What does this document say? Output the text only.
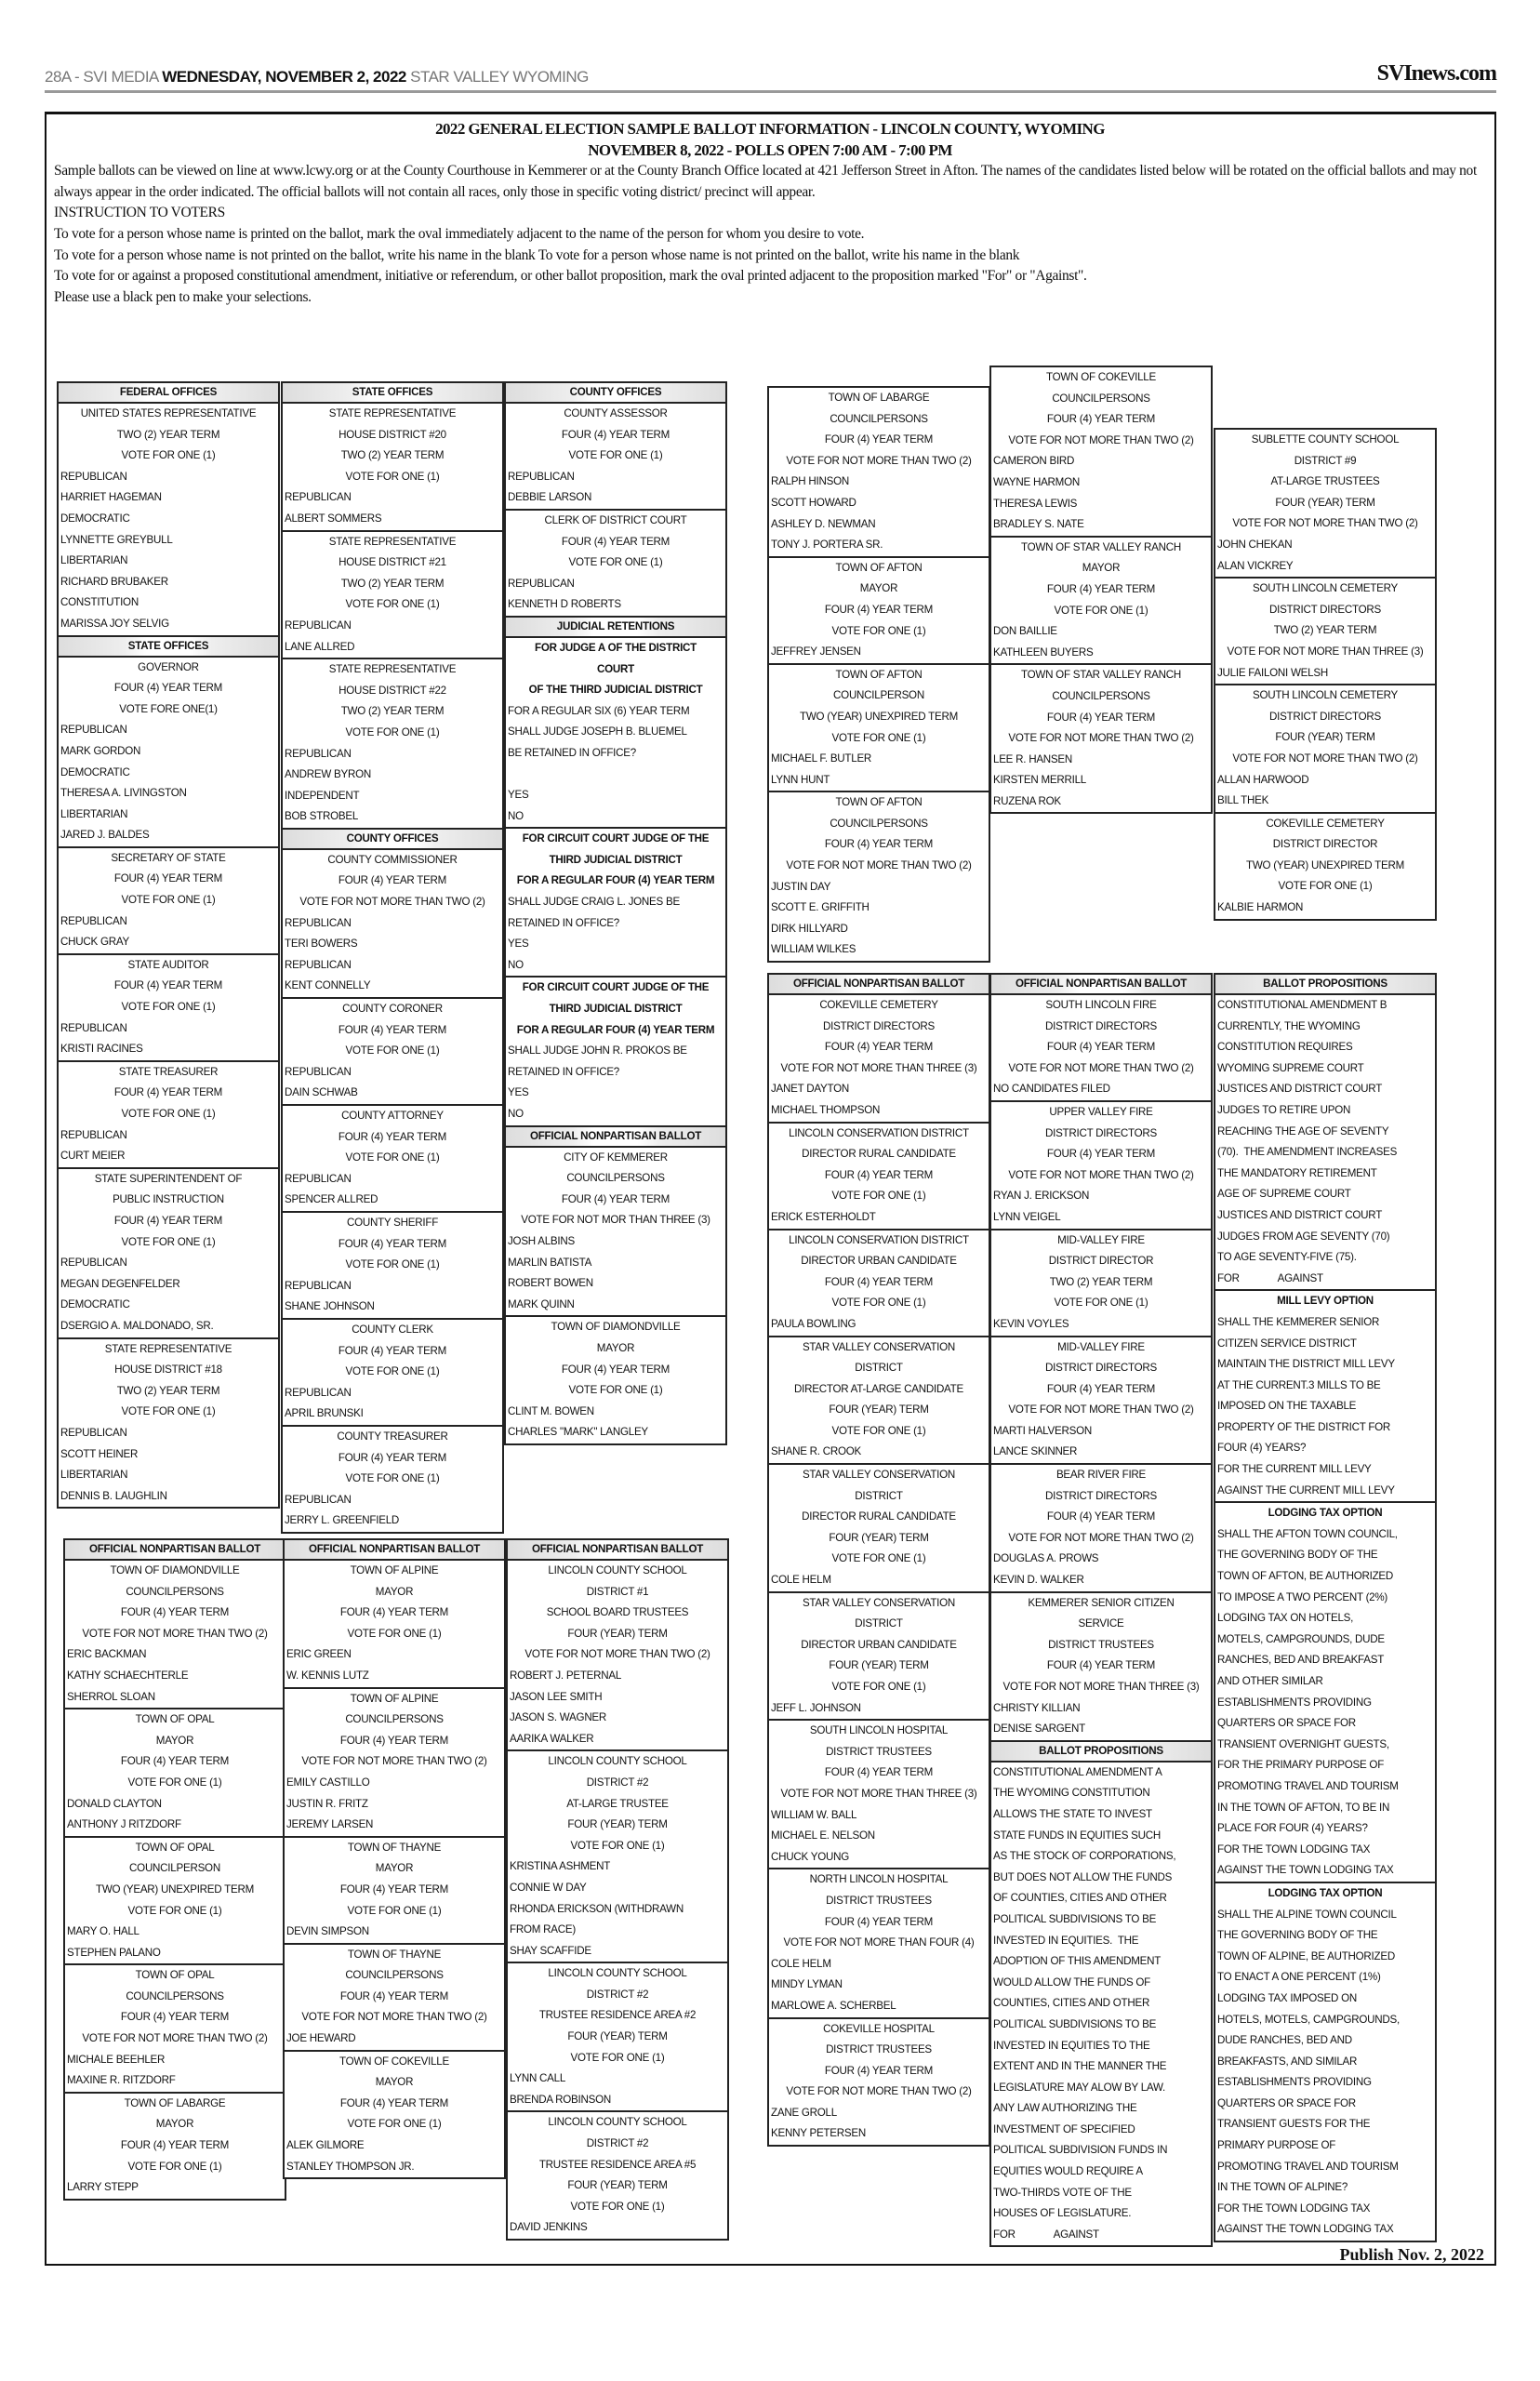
28A - SVI MEDIA WEDNESDAY, NOVEMBER 2, 2022 STAR VALLEY WYOMING	SVInews.com
2022 GENERAL ELECTION SAMPLE BALLOT INFORMATION - LINCOLN COUNTY, WYOMING
NOVEMBER 8, 2022 - POLLS OPEN 7:00 AM - 7:00 PM
Sample ballots can be viewed on line at www.lcwy.org or at the County Courthouse in Kemmerer or at the County Branch Office located at 421 Jefferson Street in Afton. The names of the candidates listed below will be rotated on the official ballots and may not always appear in the order indicated. The official ballots will not contain all races, only those in specific voting district/ precinct will appear.
INSTRUCTION TO VOTERS
To vote for a person whose name is printed on the ballot, mark the oval immediately adjacent to the name of the person for whom you desire to vote.
To vote for a person whose name is not printed on the ballot, write his name in the blank To vote for a person whose name is not printed on the ballot, write his name in the blank
To vote for or against a proposed constitutional amendment, initiative or referendum, or other ballot proposition, mark the oval printed adjacent to the proposition marked "For" or "Against".
Please use a black pen to make your selections.
FEDERAL OFFICES
UNITED STATES REPRESENTATIVE
TWO (2) YEAR TERM
VOTE FOR ONE (1)
REPUBLICAN
HARRIET HAGEMAN
DEMOCRATIC
LYNNETTE GREYBULL
LIBERTARIAN
RICHARD BRUBAKER
CONSTITUTION
MARISSA JOY SELVIG
STATE OFFICES
GOVERNOR
FOUR (4) YEAR TERM
VOTE FORE ONE(1)
REPUBLICAN
MARK GORDON
DEMOCRATIC
THERESA A. LIVINGSTON
LIBERTARIAN
JARED J. BALDES
SECRETARY OF STATE
FOUR (4) YEAR TERM
VOTE FOR ONE (1)
REPUBLICAN
CHUCK GRAY
STATE AUDITOR
FOUR (4) YEAR TERM
VOTE FOR ONE (1)
REPUBLICAN
KRISTI RACINES
STATE TREASURER
FOUR (4) YEAR TERM
VOTE FOR ONE (1)
REPUBLICAN
CURT MEIER
STATE SUPERINTENDENT OF
PUBLIC INSTRUCTION
FOUR (4) YEAR TERM
VOTE FOR ONE (1)
REPUBLICAN
MEGAN DEGENFELDER
DEMOCRATIC
DSERGIO A. MALDONADO, SR.
STATE REPRESENTATIVE
HOUSE DISTRICT #18
TWO (2) YEAR TERM
VOTE FOR ONE (1)
REPUBLICAN
SCOTT HEINER
LIBERTARIAN
DENNIS B. LAUGHLIN
STATE OFFICES
STATE REPRESENTATIVE
HOUSE DISTRICT #20
TWO (2) YEAR TERM
VOTE FOR ONE (1)
REPUBLICAN
ALBERT SOMMERS
STATE REPRESENTATIVE
HOUSE DISTRICT #21
TWO (2) YEAR TERM
VOTE FOR ONE (1)
REPUBLICAN
LANE ALLRED
STATE REPRESENTATIVE
HOUSE DISTRICT #22
TWO (2) YEAR TERM
VOTE FOR ONE (1)
REPUBLICAN
ANDREW BYRON
INDEPENDENT
BOB STROBEL
COUNTY OFFICES
COUNTY COMMISSIONER
FOUR (4) YEAR TERM
VOTE FOR NOT MORE THAN TWO (2)
REPUBLICAN
TERI BOWERS
REPUBLICAN
KENT CONNELLY
COUNTY CORONER
FOUR (4) YEAR TERM
VOTE FOR ONE (1)
REPUBLICAN
DAIN SCHWAB
COUNTY ATTORNEY
FOUR (4) YEAR TERM
VOTE FOR ONE (1)
REPUBLICAN
SPENCER ALLRED
COUNTY SHERIFF
FOUR (4) YEAR TERM
VOTE FOR ONE (1)
REPUBLICAN
SHANE JOHNSON
COUNTY CLERK
FOUR (4) YEAR TERM
VOTE FOR ONE (1)
REPUBLICAN
APRIL BRUNSKI
COUNTY TREASURER
FOUR (4) YEAR TERM
VOTE FOR ONE (1)
REPUBLICAN
JERRY L. GREENFIELD
COUNTY OFFICES
COUNTY ASSESSOR
FOUR (4) YEAR TERM
VOTE FOR ONE (1)
REPUBLICAN
DEBBIE LARSON
CLERK OF DISTRICT COURT
FOUR (4) YEAR TERM
VOTE FOR ONE (1)
REPUBLICAN
KENNETH D ROBERTS
JUDICIAL RETENTIONS
FOR JUDGE A OF THE DISTRICT
COURT
OF THE THIRD JUDICIAL DISTRICT
FOR A REGULAR SIX (6) YEAR TERM
SHALL JUDGE JOSEPH B. BLUEMEL
BE RETAINED IN OFFICE?

YES
NO
FOR CIRCUIT COURT JUDGE OF THE
THIRD JUDICIAL DISTRICT
FOR A REGULAR FOUR (4) YEAR TERM
SHALL JUDGE CRAIG L. JONES BE
RETAINED IN OFFICE?
YES
NO
FOR CIRCUIT COURT JUDGE OF THE
THIRD JUDICIAL DISTRICT
FOR A REGULAR FOUR (4) YEAR TERM
SHALL JUDGE JOHN R. PROKOS BE
RETAINED IN OFFICE?
YES
NO
OFFICIAL NONPARTISAN BALLOT
CITY OF KEMMERER
COUNCILPERSONS
FOUR (4) YEAR TERM
VOTE FOR NOT MOR THAN THREE (3)
JOSH ALBINS
MARLIN BATISTA
ROBERT BOWEN
MARK QUINN
TOWN OF DIAMONDVILLE
MAYOR
FOUR (4) YEAR TERM
VOTE FOR ONE (1)
CLINT M. BOWEN
CHARLES "MARK" LANGLEY
OFFICIAL NONPARTISAN BALLOT
TOWN OF DIAMONDVILLE
COUNCILPERSONS
FOUR (4) YEAR TERM
VOTE FOR NOT MORE THAN TWO (2)
ERIC BACKMAN
KATHY SCHAECHTERLE
SHERROL SLOAN
TOWN OF OPAL
MAYOR
FOUR (4) YEAR TERM
VOTE FOR ONE (1)
DONALD CLAYTON
ANTHONY J RITZDORF
TOWN OF OPAL
COUNCILPERSON
TWO (YEAR) UNEXPIRED TERM
VOTE FOR ONE (1)
MARY O. HALL
STEPHEN PALANO
TOWN OF OPAL
COUNCILPERSONS
FOUR (4) YEAR TERM
VOTE FOR NOT MORE THAN TWO (2)
MICHALE BEEHLER
MAXINE R. RITZDORF
TOWN OF LABARGE
MAYOR
FOUR (4) YEAR TERM
VOTE FOR ONE (1)
LARRY STEPP
OFFICIAL NONPARTISAN BALLOT
TOWN OF ALPINE
MAYOR
FOUR (4) YEAR TERM
VOTE FOR ONE (1)
ERIC GREEN
W. KENNIS LUTZ
TOWN OF ALPINE
COUNCILPERSONS
FOUR (4) YEAR TERM
VOTE FOR NOT MORE THAN TWO (2)
EMILY CASTILLO
JUSTIN R. FRITZ
JEREMY LARSEN
TOWN OF THAYNE
MAYOR
FOUR (4) YEAR TERM
VOTE FOR ONE (1)
DEVIN SIMPSON
TOWN OF THAYNE
COUNCILPERSONS
FOUR (4) YEAR TERM
VOTE FOR NOT MORE THAN TWO (2)
JOE HEWARD
TOWN OF COKEVILLE
MAYOR
FOUR (4) YEAR TERM
VOTE FOR ONE (1)
ALEK GILMORE
STANLEY THOMPSON JR.
OFFICIAL NONPARTISAN BALLOT
LINCOLN COUNTY SCHOOL
DISTRICT #1
SCHOOL BOARD TRUSTEES
FOUR (YEAR) TERM
VOTE FOR NOT MORE THAN TWO (2)
ROBERT J. PETERNAL
JASON LEE SMITH
JASON S. WAGNER
AARIKA WALKER
LINCOLN COUNTY SCHOOL
DISTRICT #2
AT-LARGE TRUSTEE
FOUR (YEAR) TERM
VOTE FOR ONE (1)
KRISTINA ASHMENT
CONNIE W DAY
RHONDA ERICKSON (WITHDRAWN
FROM RACE)
SHAY SCAFFIDE
LINCOLN COUNTY SCHOOL
DISTRICT #2
TRUSTEE RESIDENCE AREA #2
FOUR (YEAR) TERM
VOTE FOR ONE (1)
LYNN CALL
BRENDA ROBINSON
LINCOLN COUNTY SCHOOL
DISTRICT #2
TRUSTEE RESIDENCE AREA #5
FOUR (YEAR) TERM
VOTE FOR ONE (1)
DAVID JENKINS
TOWN OF LABARGE
COUNCILPERSONS
FOUR (4) YEAR TERM
VOTE FOR NOT MORE THAN TWO (2)
RALPH HINSON
SCOTT HOWARD
ASHLEY D. NEWMAN
TONY J. PORTERA SR.
TOWN OF AFTON
MAYOR
FOUR (4) YEAR TERM
VOTE FOR ONE (1)
JEFFREY JENSEN
TOWN OF AFTON
COUNCILPERSON
TWO (YEAR) UNEXPIRED TERM
VOTE FOR ONE (1)
MICHAEL F. BUTLER
LYNN HUNT
TOWN OF AFTON
COUNCILPERSONS
FOUR (4) YEAR TERM
VOTE FOR NOT MORE THAN TWO (2)
JUSTIN DAY
SCOTT E. GRIFFITH
DIRK HILLYARD
WILLIAM WILKES
TOWN OF COKEVILLE
COUNCILPERSONS
FOUR (4) YEAR TERM
VOTE FOR NOT MORE THAN TWO (2)
CAMERON BIRD
WAYNE HARMON
THERESA LEWIS
BRADLEY S. NATE
TOWN OF STAR VALLEY RANCH
MAYOR
FOUR (4) YEAR TERM
VOTE FOR ONE (1)
DON BAILLIE
KATHLEEN BUYERS
TOWN OF STAR VALLEY RANCH
COUNCILPERSONS
FOUR (4) YEAR TERM
VOTE FOR NOT MORE THAN TWO (2)
LEE R. HANSEN
KIRSTEN MERRILL
RUZENA ROK
SUBLETTE COUNTY SCHOOL
DISTRICT #9
AT-LARGE TRUSTEES
FOUR (YEAR) TERM
VOTE FOR NOT MORE THAN TWO (2)
JOHN CHEKAN
ALAN VICKREY
SOUTH LINCOLN CEMETERY
DISTRICT DIRECTORS
TWO (2) YEAR TERM
VOTE FOR NOT MORE THAN THREE (3)
JULIE FAILONI WELSH
SOUTH LINCOLN CEMETERY
DISTRICT DIRECTORS
FOUR (YEAR) TERM
VOTE FOR NOT MORE THAN TWO (2)
ALLAN HARWOOD
BILL THEK
COKEVILLE CEMETERY
DISTRICT DIRECTOR
TWO (YEAR) UNEXPIRED TERM
VOTE FOR ONE (1)
KALBIE HARMON
OFFICIAL NONPARTISAN BALLOT
COKEVILLE CEMETERY
DISTRICT DIRECTORS
FOUR (4) YEAR TERM
VOTE FOR NOT MORE THAN THREE (3)
JANET DAYTON
MICHAEL THOMPSON
LINCOLN CONSERVATION DISTRICT
DIRECTOR RURAL CANDIDATE
FOUR (4) YEAR TERM
VOTE FOR ONE (1)
ERICK ESTERHOLDT
LINCOLN CONSERVATION DISTRICT
DIRECTOR URBAN CANDIDATE
FOUR (4) YEAR TERM
VOTE FOR ONE (1)
PAULA BOWLING
STAR VALLEY CONSERVATION
DISTRICT
DIRECTOR AT-LARGE CANDIDATE
FOUR (YEAR) TERM
VOTE FOR ONE (1)
SHANE R. CROOK
STAR VALLEY CONSERVATION
DISTRICT
DIRECTOR RURAL CANDIDATE
FOUR (YEAR) TERM
VOTE FOR ONE (1)
COLE HELM
STAR VALLEY CONSERVATION
DISTRICT
DIRECTOR URBAN CANDIDATE
FOUR (YEAR) TERM
VOTE FOR ONE (1)
JEFF L. JOHNSON
SOUTH LINCOLN HOSPITAL
DISTRICT TRUSTEES
FOUR (4) YEAR TERM
VOTE FOR NOT MORE THAN THREE (3)
WILLIAM W. BALL
MICHAEL E. NELSON
CHUCK YOUNG
NORTH LINCOLN HOSPITAL
DISTRICT TRUSTEES
FOUR (4) YEAR TERM
VOTE FOR NOT MORE THAN FOUR (4)
COLE HELM
MINDY LYMAN
MARLOWE A. SCHERBEL
COKEVILLE HOSPITAL
DISTRICT TRUSTEES
FOUR (4) YEAR TERM
VOTE FOR NOT MORE THAN TWO (2)
ZANE GROLL
KENNY PETERSEN
OFFICIAL NONPARTISAN BALLOT
SOUTH LINCOLN FIRE
DISTRICT DIRECTORS
FOUR (4) YEAR TERM
VOTE FOR NOT MORE THAN TWO (2)
NO CANDIDATES FILED
UPPER VALLEY FIRE
DISTRICT DIRECTORS
FOUR (4) YEAR TERM
VOTE FOR NOT MORE THAN TWO (2)
RYAN J. ERICKSON
LYNN VEIGEL
MID-VALLEY FIRE
DISTRICT DIRECTOR
TWO (2) YEAR TERM
VOTE FOR ONE (1)
KEVIN VOYLES
MID-VALLEY FIRE
DISTRICT DIRECTORS
FOUR (4) YEAR TERM
VOTE FOR NOT MORE THAN TWO (2)
MARTI HALVERSON
LANCE SKINNER
BEAR RIVER FIRE
DISTRICT DIRECTORS
FOUR (4) YEAR TERM
VOTE FOR NOT MORE THAN TWO (2)
DOUGLAS A. PROWS
KEVIN D. WALKER
KEMMERER SENIOR CITIZEN
SERVICE
DISTRICT TRUSTEES
FOUR (4) YEAR TERM
VOTE FOR NOT MORE THAN THREE (3)
CHRISTY KILLIAN
DENISE SARGENT
BALLOT PROPOSITIONS
CONSTITUTIONAL AMENDMENT A
THE WYOMING CONSTITUTION
ALLOWS THE STATE TO INVEST
STATE FUNDS IN EQUITIES SUCH
AS THE STOCK OF CORPORATIONS,
BUT DOES NOT ALLOW THE FUNDS
OF COUNTIES, CITIES AND OTHER
POLITICAL SUBDIVISIONS TO BE
INVESTED IN EQUITIES.  THE
ADOPTION OF THIS AMENDMENT
WOULD ALLOW THE FUNDS OF
COUNTIES, CITIES AND OTHER
POLITICAL SUBDIVISIONS TO BE
INVESTED IN EQUITIES TO THE
EXTENT AND IN THE MANNER THE
LEGISLATURE MAY ALOW BY LAW.
ANY LAW AUTHORIZING THE
INVESTMENT OF SPECIFIED
POLITICAL SUBDIVISION FUNDS IN
EQUITIES WOULD REQUIRE A
TWO-THIRDS VOTE OF THE
HOUSES OF LEGISLATURE.
FOR              AGAINST
BALLOT PROPOSITIONS
CONSTITUTIONAL AMENDMENT B
CURRENTLY, THE WYOMING
CONSTITUTION REQUIRES
WYOMING SUPREME COURT
JUSTICES AND DISTRICT COURT
JUDGES TO RETIRE UPON
REACHING THE AGE OF SEVENTY
(70).  THE AMENDMENT INCREASES
THE MANDATORY RETIREMENT
AGE OF SUPREME COURT
JUSTICES AND DISTRICT COURT
JUDGES FROM AGE SEVENTY (70)
TO AGE SEVENTY-FIVE (75).
FOR              AGAINST
MILL LEVY OPTION
SHALL THE KEMMERER SENIOR
CITIZEN SERVICE DISTRICT
MAINTAIN THE DISTRICT MILL LEVY
AT THE CURRENT.3 MILLS TO BE
IMPOSED ON THE TAXABLE
PROPERTY OF THE DISTRICT FOR
FOUR (4) YEARS?
FOR THE CURRENT MILL LEVY
AGAINST THE CURRENT MILL LEVY
LODGING TAX OPTION
SHALL THE AFTON TOWN COUNCIL,
THE GOVERNING BODY OF THE
TOWN OF AFTON, BE AUTHORIZED
TO IMPOSE A TWO PERCENT (2%)
LODGING TAX ON HOTELS,
MOTELS, CAMPGROUNDS, DUDE
RANCHES, BED AND BREAKFAST
AND OTHER SIMILAR
ESTABLISHMENTS PROVIDING
QUARTERS OR SPACE FOR
TRANSIENT OVERNIGHT GUESTS,
FOR THE PRIMARY PURPOSE OF
PROMOTING TRAVEL AND TOURISM
IN THE TOWN OF AFTON, TO BE IN
PLACE FOR FOUR (4) YEARS?
FOR THE TOWN LODGING TAX
AGAINST THE TOWN LODGING TAX
LODGING TAX OPTION
SHALL THE ALPINE TOWN COUNCIL
THE GOVERNING BODY OF THE
TOWN OF ALPINE, BE AUTHORIZED
TO ENACT A ONE PERCENT (1%)
LODGING TAX IMPOSED ON
HOTELS, MOTELS, CAMPGROUNDS,
DUDE RANCHES, BED AND
BREAKFASTS, AND SIMILAR
ESTABLISHMENTS PROVIDING
QUARTERS OR SPACE FOR
TRANSIENT GUESTS FOR THE
PRIMARY PURPOSE OF
PROMOTING TRAVEL AND TOURISM
IN THE TOWN OF ALPINE?
FOR THE TOWN LODGING TAX
AGAINST THE TOWN LODGING TAX
Publish Nov. 2, 2022
